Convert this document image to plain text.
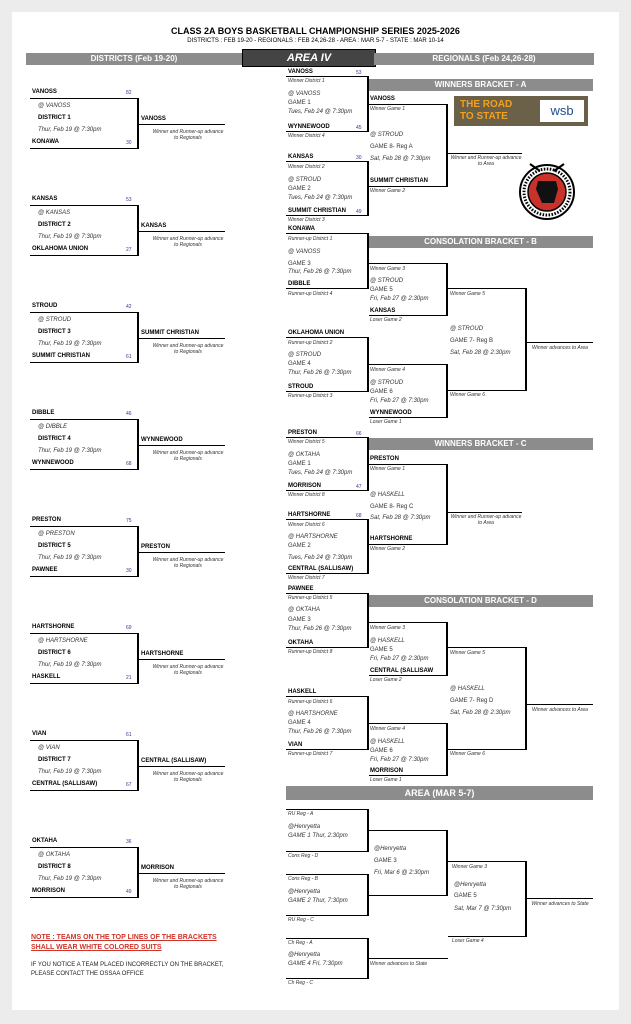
CLASS 2A BOYS BASKETBALL CHAMPIONSHIP SERIES 2025-2026
DISTRICTS : FEB 19-20 - REGIONALS : FEB 24,26-28 - AREA : MAR 5-7 - STATE : MAR 10-14
DISTRICTS (Feb 19-20)	AREA IV	REGIONALS (Feb 24,26-28)
VANOSS	82
@ VANOSS
DISTRICT 1
Thur, Feb 19 @ 7:30pm
KONAWA	30
VANOSS
Winner and Runner-up advance to Regionals
KANSAS	53
@ KANSAS
DISTRICT 2
Thur, Feb 19 @ 7:30pm
OKLAHOMA UNION	27
KANSAS
Winner and Runner-up advance to Regionals
STROUD	42
@ STROUD
DISTRICT 3
Thur, Feb 19 @ 7:30pm
SUMMIT CHRISTIAN	61
SUMMIT CHRISTIAN
Winner and Runner-up advance to Regionals
DIBBLE	46
@ DIBBLE
DISTRICT 4
Thur, Feb 19 @ 7:30pm
WYNNEWOOD	68
WYNNEWOOD
Winner and Runner-up advance to Regionals
PRESTON	75
@ PRESTON
DISTRICT 5
Thur, Feb 19 @ 7:30pm
PAWNEE	30
PRESTON
Winner and Runner-up advance to Regionals
HARTSHORNE	69
@ HARTSHORNE
DISTRICT 6
Thur, Feb 19 @ 7:30pm
HASKELL	21
HARTSHORNE
Winner and Runner-up advance to Regionals
VIAN	61
@ VIAN
DISTRICT 7
Thur, Feb 19 @ 7:30pm
CENTRAL (SALLISAW)	67
CENTRAL (SALLISAW)
Winner and Runner-up advance to Regionals
OKTAHA	36
@ OKTAHA
DISTRICT 8
Thur, Feb 19 @ 7:30pm
MORRISON	49
MORRISON
Winner and Runner-up advance to Regionals
WINNERS BRACKET - A
THE ROAD
TO STATE	wsb
VANOSS	53
Winner District 1
@ VANOSS
GAME 1
Tues, Feb 24 @ 7:30pm
WYNNEWOOD	45
Winner District 4
VANOSS
Winner Game 1
@ STROUD
GAME 8- Reg A
Sat, Feb 28 @ 7:30pm
KANSAS	30
Winner District 2
@ STROUD
GAME 2
Tues, Feb 24 @ 7:30pm
SUMMIT CHRISTIAN 49
Winner District 3
SUMMIT CHRISTIAN
Winner Game 2
Winner and Runner-up advance to Area
CONSOLATION BRACKET - B
KONAWA
Runner-up District 1
@ VANOSS
GAME 3
Thur, Feb 26 @ 7:30pm
DIBBLE
Runner-up District 4
Winner Game 3
@ STROUD
GAME 5
Fri, Feb 27 @ 2:30pm
KANSAS
Loser Game 2
Winner Game 5
OKLAHOMA UNION
Runner-up District 2
@ STROUD
GAME 4
Thur, Feb 26 @ 7:30pm
STROUD
Runner-up District 3
Winner Game 4
@ STROUD
GAME 6
Fri, Feb 27 @ 7:30pm
WYNNEWOOD
Loser Game 1
Winner Game 6
@ STROUD
GAME 7- Reg B
Sat, Feb 28 @ 2:30pm
Winner advances to Area
WINNERS BRACKET - C
PRESTON	66
Winner District 5
@ OKTAHA
GAME 1
Tues, Feb 24 @ 7:30pm
MORRISON	47
Winner District 8
PRESTON
Winner Game 1
@ HASKELL
GAME 8- Reg C
Sat, Feb 28 @ 7:30pm
HARTSHORNE	68
Winner District 6
@ HARTSHORNE
GAME 2
Tues, Feb 24 @ 7:30pm
CENTRAL (SALLISAW)
Winner District 7
HARTSHORNE
Winner Game 2
Winner and Runner-up advance to Area
CONSOLATION BRACKET - D
PAWNEE
Runner-up District 5
@ OKTAHA
GAME 3
Thur, Feb 26 @ 7:30pm
OKTAHA
Runner-up District 8
Winner Game 3
@ HASKELL
GAME 5
Fri, Feb 27 @ 2:30pm
CENTRAL (SALLISAW
Loser Game 2
Winner Game 5
HASKELL
Runner-up District 6
@ HARTSHORNE
GAME 4
Thur, Feb 26 @ 7:30pm
VIAN
Runner-up District 7
Winner Game 4
@ HASKELL
GAME 6
Fri, Feb 27 @ 7:30pm
MORRISON
Loser Game 1
Winner Game 6
@ HASKELL
GAME 7- Reg D
Sat, Feb 28 @ 2:30pm	Winner advances to Area
AREA (MAR 5-7)
RU Reg - A
@Henryetta
GAME 1 Thur, 2:30pm
Cons Reg - D
@Henryetta
GAME 3
Fri, Mar 6 @ 2:30pm
Cons Reg - B
@Henryetta
GAME 2 Thur, 7:30pm
RU Reg - C
Winner Game 3
@Henryetta
GAME 5
Sat, Mar 7 @ 7:30pm
Loser Game 4
Winner advances to State
Ch Reg - A
@Henryetta
GAME 4 Fri, 7:30pm
Ch Reg - C
Winner advances to State
NOTE : TEAMS ON THE TOP LINES OF THE BRACKETS
SHALL WEAR WHITE COLORED SUITS
IF YOU NOTICE A TEAM PLACED INCORRECTLY ON THE BRACKET,
PLEASE CONTACT THE OSSAA OFFICE
